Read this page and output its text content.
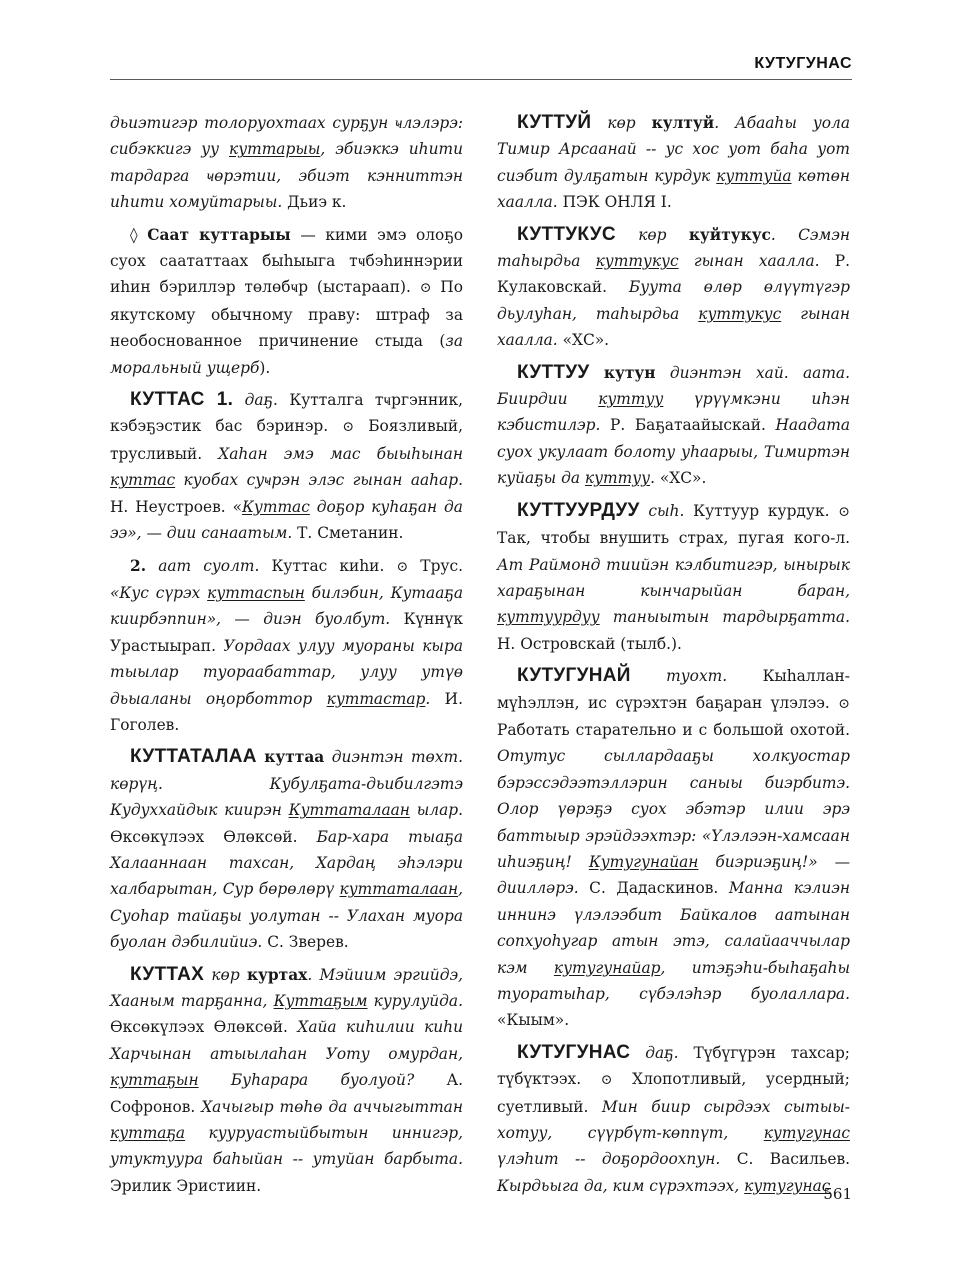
КУТУГУНАС

дьиэтигэр толоруохтаах сурҕун ҹлэлэрэ: сибэккигэ уу куттарыы, эбиэккэ иһити тардарга ҹөрэтии, эбиэт кэнниттэн иһити хомуйтарыы. Дьиэ к.

◊ Саат куттарыы — кими эмэ олоҕо суох саататтаах быһыыга тҹбэһиннэрии иһин бэриллэр төлөбҹр (ыстараап). ⊙ По якутскому обычному праву: штраф за необоснованное причинение стыда (за моральный ущерб).

КУТТАС 1. даҕ. Кутталга тҹргэнник, кэбэҕэстик бас бэринэр. ⊙ Боязливый, трусливый. Хаһан эмэ мас быыһынан куттас куобах суҹрэн элэс гынан ааһар. Н. Неустроев. «Куттас доҕор куһаҕан да ээ», — дии санаатым. Т. Сметанин.

2. аат суолт. Куттас киһи. ⊙ Трус. «Кус сүрэх куттаспын билэбин, Кутааҕа киирбэппин», — диэн буолбут. Күннүк Урастыырап. Уордаах улуу муораны кыра тыылар туораабаттар, улуу утүө дьыаланы оңорботтор куттастар. И. Гоголев.

КУТТАТАЛАА куттаа диэнтэн төхт. көрүң. Кубулҕата-дьибилгэтэ Кудуххайдык киирэн Куттаталаан ылар. Өксөкүлээх Өлөксөй. Бар-хара тыаҕа Халааннаан тахсан, Хардаң эһэлэри халбарытан, Сур бөрөлөрү куттаталаан, Суоһар тайаҕы уолутан -- Улахан муора буолан дэбилийиэ. С. Зверев.

КУТТАХ көр куртах. Мэйиим эргийдэ, Хааным тарҕанна, Куттаҕым курулуйда. Өксөкүлээх Өлөксөй. Хайа киһилии киһи Харчынан атыылаһан Уоту омурдан, куттаҕын Буһарара буолуой? А. Софронов. Хачыгыр төһө да аччыгыттан куттаҕа кууруастыйбытын иннигэр, утуктуура баһыйан -- утуйан барбыта. Эрилик Эристиин.

КУТТУЙ көр култуй. Абааһы уола Тимир Арсаанай -- ус хос уот баһа уот сиэбит дулҕатын курдук куттуйа көтөн хаалла. ПЭК ОНЛЯ I.

КУТТУКУС көр куйтукус. Сэмэн таһырдьа куттукус гынан хаалла. Р. Кулаковскай. Буута өлөр өлүүтүгэр дьулуһан, таһырдьа куттукус гынан хаалла. «ХС».

КУТТУУ кутун диэнтэн хай. аата. Биирдии куттуу үрүүмкэни иһэн кэбистилэр. Р. Баҕатаайыскай. Наадата суох укулаат болоту уһаарыы, Тимиртэн куйаҕы да куттуу. «ХС».

КУТТУУРДУУ сыһ. Куттуур курдук. ⊙ Так, чтобы внушить страх, пугая кого-л. Ат Раймонд тиийэн кэлбитигэр, ынырык хараҕынан кынчарыйан баран, куттуурдуу таныытын тардырҕатта. Н. Островскай (тылб.).

КУТУГУНАЙ туохт. Кыһаллан-мүһэллэн, ис сүрэхтэн баҕаран үлэлээ. ⊙ Работать старательно и с большой охотой. Отутус сыллардааҕы холкуостар бэрэссэдээтэллэрин саныы биэрбитэ. Олор үөрэҕэ суох эбэтэр илии эрэ баттыыр эрэйдээхтэр: «Үлэлээн-хамсаан иһиэҕиң! Кутугунайан биэриэҕиң!» — диилләрэ. С. Дадаскинов. Манна кэлиэн иннинэ үлэлээбит Байкалов аатынан сопхуоһугар атын этэ, салайааччылар кэм кутугунайар, итэҕэһи-быһаҕаһы туоратыһар, сүбэлэһэр буолаллара. «Кыым».

КУТУГУНАС даҕ. Түбүгүрэн тахсар; түбүктээх. ⊙ Хлопотливый, усердный; суетливый. Мин биир сырдээх сытыы-хотуу, сүүрбүт-көппүт, кутугунас үлэhит -- доҕордоохпун. С. Васильев. Кырдьыга да, ким сүрэхтээх, кутугунас

561
